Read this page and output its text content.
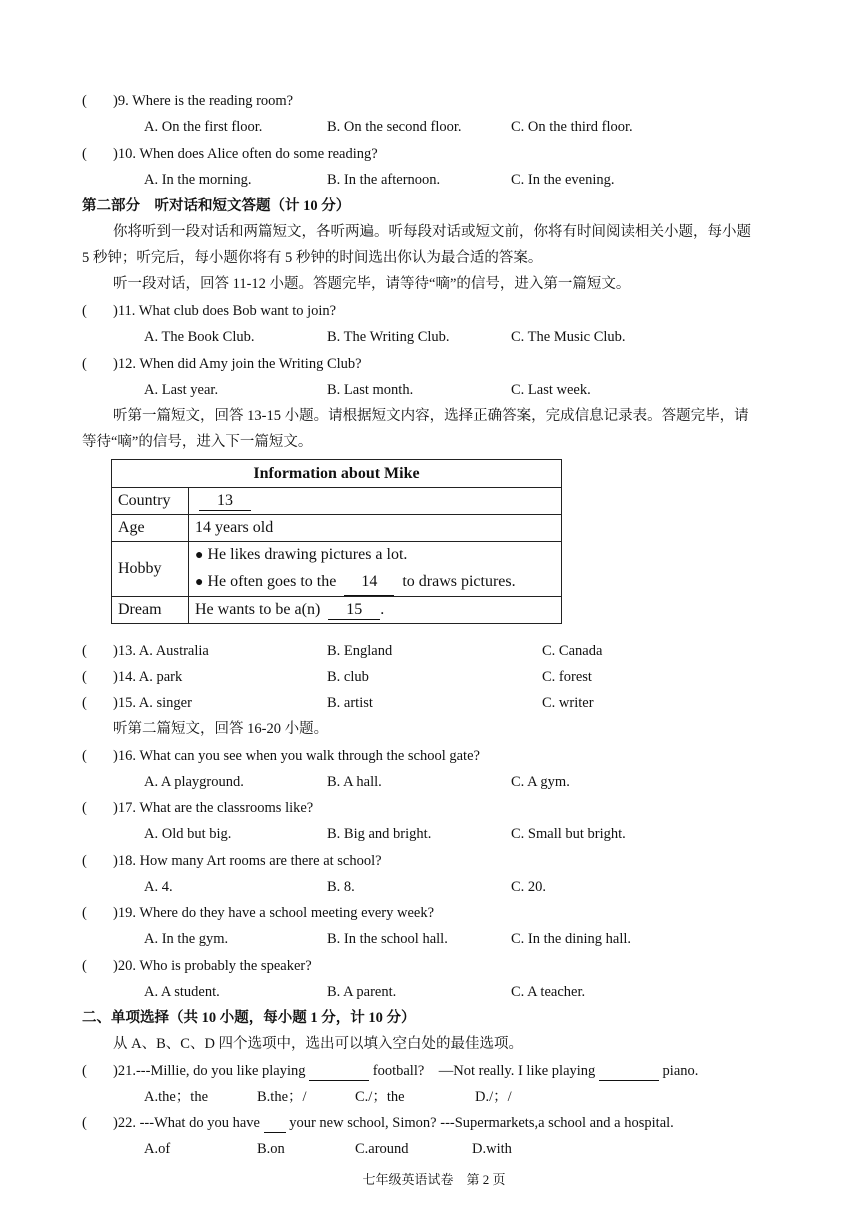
( )9. Where is the reading room?
A. On the first floor.	B. On the second floor.	C. On the third floor.
( )10. When does Alice often do some reading?
A. In the morning.	B. In the afternoon.	C. In the evening.
第二部分　听对话和短文答题（计 10 分）
你将听到一段对话和两篇短文，各听两遍。听每段对话或短文前，你将有时间阅读相关小题，每小题
5 秒钟；听完后，每小题你将有 5 秒钟的时间选出你认为最合适的答案。
听一段对话，回答 11-12 小题。答题完毕，请等待“嘀”的信号，进入第一篇短文。
( )11. What club does Bob want to join?
A. The Book Club.	B. The Writing Club.	C. The Music Club.
( )12. When did Amy join the Writing Club?
A. Last year.	B. Last month.	C. Last week.
听第一篇短文，回答 13-15 小题。请根据短文内容，选择正确答案，完成信息记录表。答题完毕，请
等待“嘀”的信号，进入下一篇短文。
Information about Mike	
Country	13
Age	14 years old
Hobby	● He likes drawing pictures a lot.
● He often goes to the 14 to draws pictures.

Dream	He wants to be a(n) 15 .
( )13. A. Australia	B. England	C. Canada
( )14. A. park	B. club	C. forest
( )15. A. singer	B. artist	C. writer
听第二篇短文，回答 16-20 小题。
( )16. What can you see when you walk through the school gate?
A. A playground.	B. A hall.	C. A gym.
( )17. What are the classrooms like?
A. Old but big.	B. Big and bright.	C. Small but bright.
( )18. How many Art rooms are there at school?
A. 4.	B. 8.	C. 20.
( )19. Where do they have a school meeting every week?
A. In the gym.	B. In the school hall.	C. In the dining hall.
( )20. Who is probably the speaker?
A. A student.	B. A parent.	C. A teacher.
二、单项选择（共 10 小题，每小题 1 分，计 10 分）
从 A、B、C、D 四个选项中，选出可以填入空白处的最佳选项。
( )21.---Millie, do you like playing	football?　—Not really. I like playing	piano.
A.the；the	B.the；/	C./；the	D./；/
( )22. ---What do you have your new school, Simon? ---Supermarkets,a school and a hospital.
A.of	B.on	C.around	D.with
七年级英语试卷　第 2 页
